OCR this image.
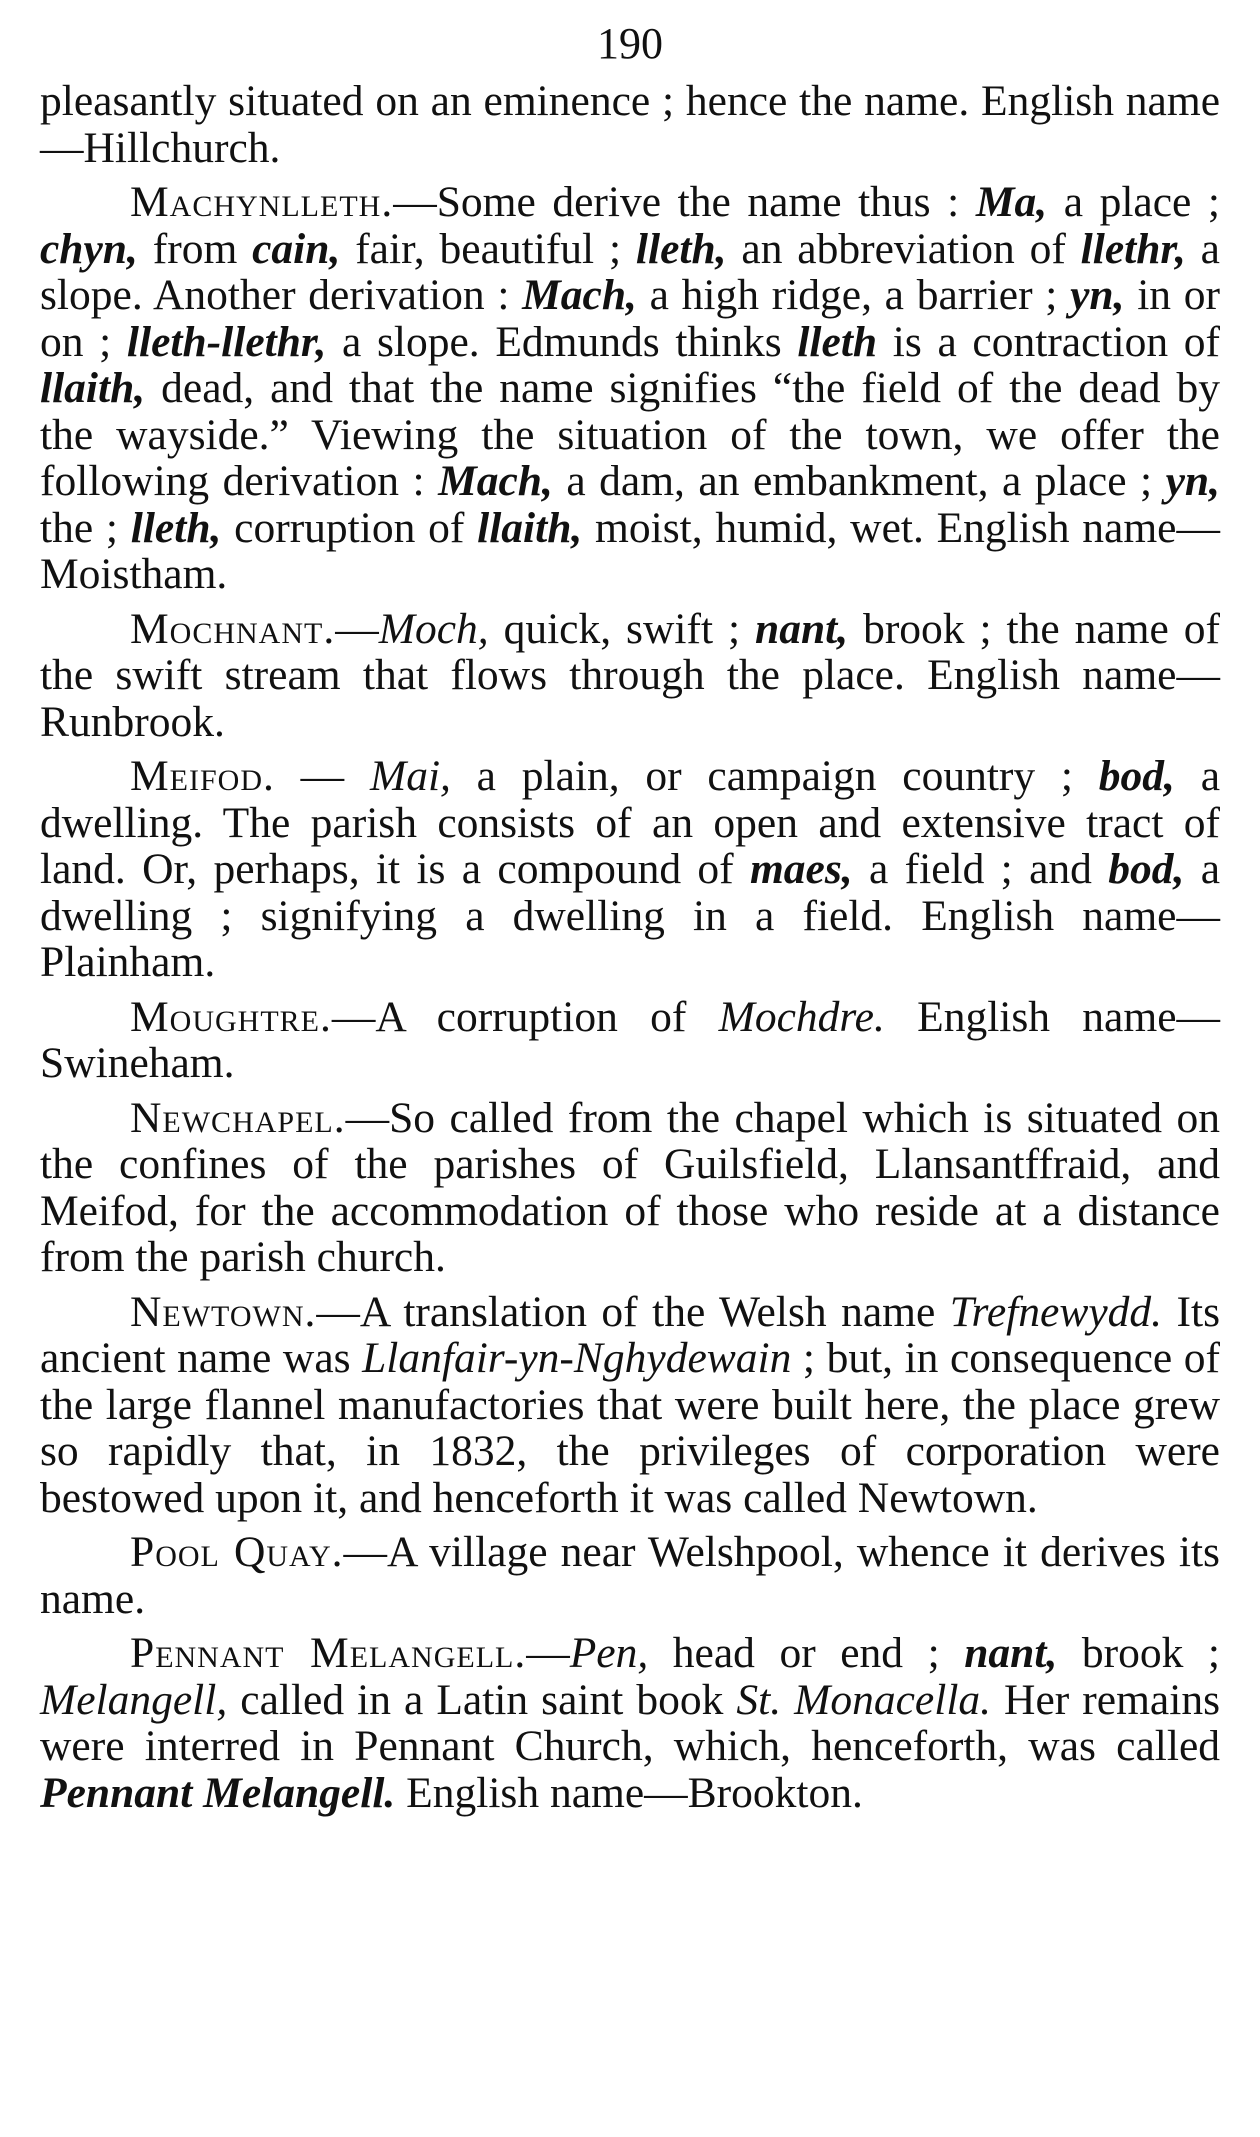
190

pleasantly situated on an eminence ; hence the name. English name—Hillchurch.

Machynlleth.—Some derive the name thus : Ma, a place ; chyn, from cain, fair, beautiful ; lleth, an abbreviation of llethr, a slope. Another derivation : Mach, a high ridge, a barrier ; yn, in or on ; lleth-llethr, a slope. Edmunds thinks lleth is a contraction of llaith, dead, and that the name signifies “the field of the dead by the wayside.” Viewing the situation of the town, we offer the following derivation : Mach, a dam, an embankment, a place ; yn, the ; lleth, corruption of llaith, moist, humid, wet. English name—Moistham.

Mochnant.—Moch, quick, swift ; nant, brook ; the name of the swift stream that flows through the place. English name—Runbrook.

Meifod. — Mai, a plain, or campaign country ; bod, a dwelling. The parish consists of an open and extensive tract of land. Or, perhaps, it is a compound of maes, a field ; and bod, a dwelling ; signifying a dwelling in a field. English name—Plainham.

Moughtre.—A corruption of Mochdre. English name—Swineham.

Newchapel.—So called from the chapel which is situated on the confines of the parishes of Guilsfield, Llansantffraid, and Meifod, for the accommodation of those who reside at a distance from the parish church.

Newtown.—A translation of the Welsh name Trefnewydd. Its ancient name was Llanfair-yn-Nghydewain ; but, in consequence of the large flannel manufactories that were built here, the place grew so rapidly that, in 1832, the privileges of corporation were bestowed upon it, and henceforth it was called Newtown.

Pool Quay.—A village near Welshpool, whence it derives its name.

Pennant Melangell.—Pen, head or end ; nant, brook ; Melangell, called in a Latin saint book St. Monacella. Her remains were interred in Pennant Church, which, henceforth, was called Pennant Melangell. English name—Brookton.
